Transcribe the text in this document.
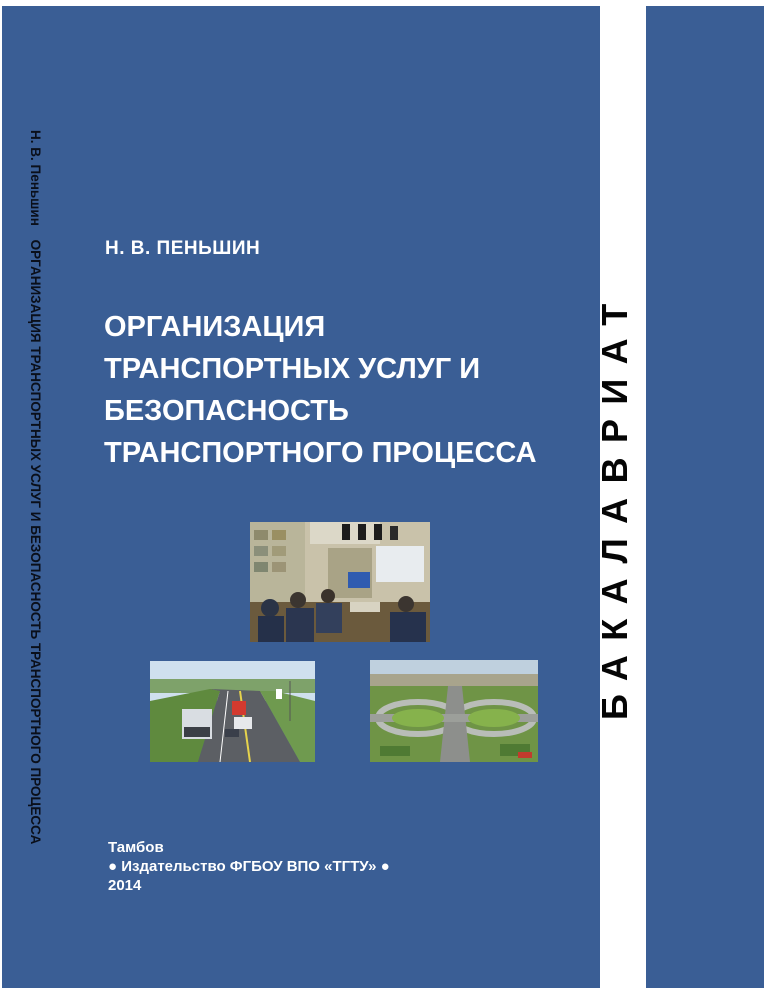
Н. В. Пеньшин ОРГАНИЗАЦИЯ ТРАНСПОРТНЫХ УСЛУГ И БЕЗОПАСНОСТЬ ТРАНСПОРТНОГО ПРОЦЕССА	БАКАЛАВРИАТ
Н. В. ПЕНЬШИН
ОРГАНИЗАЦИЯ
ТРАНСПОРТНЫХ УСЛУГ И
БЕЗОПАСНОСТЬ
ТРАНСПОРТНОГО ПРОЦЕССА
Тамбов
● Издательство ФГБОУ ВПО «ТГТУ» ●
2014
